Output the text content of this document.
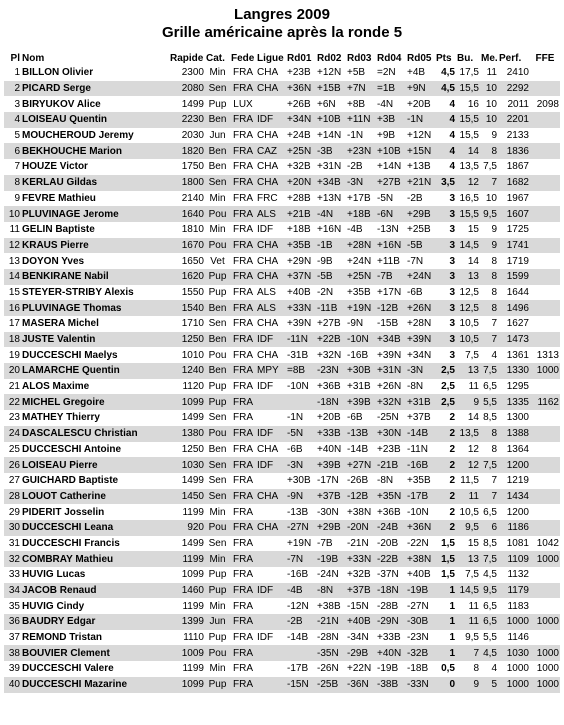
Langres 2009
Grille américaine après la ronde 5
Pl	Nom	Rapide	Cat.	Fede	Ligue	Rd01	Rd02	Rd03	Rd04	Rd05	Pts	Bu.	Me.	Perf.	FFE
1	BILLON Olivier	2300	Min	FRA	CHA	+23B	+12N	+5B	=2N	+4B	4,5	17,5	11	2410	
2	PICARD Serge	2080	Sen	FRA	CHA	+36N	+15B	+7N	=1B	+9N	4,5	15,5	10	2292	
3	BIRYUKOV Alice	1499	Pup	LUX		+26B	+6N	+8B	-4N	+20B	4	16	10	2011	2098
4	LOISEAU Quentin	2230	Ben	FRA	IDF	+34N	+10B	+11N	+3B	-1N	4	15,5	10	2201	
5	MOUCHEROUD Jeremy	2030	Jun	FRA	CHA	+24B	+14N	-1N	+9B	+12N	4	15,5	9	2133	
6	BEKHOUCHE Marion	1820	Ben	FRA	CAZ	+25N	-3B	+23N	+10B	+15N	4	14	8	1836	
7	HOUZE Victor	1750	Ben	FRA	CHA	+32B	+31N	-2B	+14N	+13B	4	13,5	7,5	1867	
8	KERLAU Gildas	1800	Sen	FRA	CHA	+20N	+34B	-3N	+27B	+21N	3,5	12	7	1682	
9	FEVRE Mathieu	2140	Min	FRA	FRC	+28B	+13N	+17B	-5N	-2B	3	16,5	10	1967	
10	PLUVINAGE Jerome	1640	Pou	FRA	ALS	+21B	-4N	+18B	-6N	+29B	3	15,5	9,5	1607	
11	GELIN Baptiste	1810	Min	FRA	IDF	+18B	+16N	-4B	-13N	+25B	3	15	9	1725	
12	KRAUS Pierre	1670	Pou	FRA	CHA	+35B	-1B	+28N	+16N	-5B	3	14,5	9	1741	
13	DOYON Yves	1650	Vet	FRA	CHA	+29N	-9B	+24N	+11B	-7N	3	14	8	1719	
14	BENKIRANE Nabil	1620	Pup	FRA	CHA	+37N	-5B	+25N	-7B	+24N	3	13	8	1599	
15	STEYER-STRIBY Alexis	1550	Pup	FRA	ALS	+40B	-2N	+35B	+17N	-6B	3	12,5	8	1644	
16	PLUVINAGE Thomas	1540	Ben	FRA	ALS	+33N	-11B	+19N	-12B	+26N	3	12,5	8	1496	
17	MASERA Michel	1710	Sen	FRA	CHA	+39N	+27B	-9N	-15B	+28N	3	10,5	7	1627	
18	JUSTE Valentin	1250	Ben	FRA	IDF	-11N	+22B	-10N	+34B	+39N	3	10,5	7	1473	
19	DUCCESCHI Maelys	1010	Pou	FRA	CHA	-31B	+32N	-16B	+39N	+34N	3	7,5	4	1361	1313
20	LAMARCHE Quentin	1240	Ben	FRA	MPY	=8B	-23N	+30B	+31N	-3N	2,5	13	7,5	1330	1000
21	ALOS Maxime	1120	Pup	FRA	IDF	-10N	+36B	+31B	+26N	-8N	2,5	11	6,5	1295	
22	MICHEL Gregoire	1099	Pup	FRA			-18N	+39B	+32N	+31B	2,5	9	5,5	1335	1162
23	MATHEY Thierry	1499	Sen	FRA		-1N	+20B	-6B	-25N	+37B	2	14	8,5	1300	
24	DASCALESCU Christian	1380	Pou	FRA	IDF	-5N	+33B	-13B	+30N	-14B	2	13,5	8	1388	
25	DUCCESCHI Antoine	1250	Ben	FRA	CHA	-6B	+40N	-14B	+23B	-11N	2	12	8	1364	
26	LOISEAU Pierre	1030	Sen	FRA	IDF	-3N	+39B	+27N	-21B	-16B	2	12	7,5	1200	
27	GUICHARD Baptiste	1499	Sen	FRA		+30B	-17N	-26B	-8N	+35B	2	11,5	7	1219	
28	LOUOT Catherine	1450	Sen	FRA	CHA	-9N	+37B	-12B	+35N	-17B	2	11	7	1434	
29	PIDERIT Josselin	1199	Min	FRA		-13B	-30N	+38N	+36B	-10N	2	10,5	6,5	1200	
30	DUCCESCHI Leana	920	Pou	FRA	CHA	-27N	+29B	-20N	-24B	+36N	2	9,5	6	1186	
31	DUCCESCHI Francis	1499	Sen	FRA		+19N	-7B	-21N	-20B	-22N	1,5	15	8,5	1081	1042
32	COMBRAY Mathieu	1199	Min	FRA		-7N	-19B	+33N	-22B	+38N	1,5	13	7,5	1109	1000
33	HUVIG Lucas	1099	Pup	FRA		-16B	-24N	+32B	-37N	+40B	1,5	7,5	4,5	1132	
34	JACOB Renaud	1460	Pup	FRA	IDF	-4B	-8N	+37B	-18N	-19B	1	14,5	9,5	1179	
35	HUVIG Cindy	1199	Min	FRA		-12N	+38B	-15N	-28B	-27N	1	11	6,5	1183	
36	BAUDRY Edgar	1399	Jun	FRA		-2B	-21N	+40B	-29N	-30B	1	11	6,5	1000	1000
37	REMOND Tristan	1110	Pup	FRA	IDF	-14B	-28N	-34N	+33B	-23N	1	9,5	5,5	1146	
38	BOUVIER Clement	1009	Pou	FRA			-35N	-29B	+40N	-32B	1	7	4,5	1030	1000
39	DUCCESCHI Valere	1199	Min	FRA		-17B	-26N	+22N	-19B	-18B	0,5	8	4	1000	1000
40	DUCCESCHI Mazarine	1099	Pup	FRA		-15N	-25B	-36N	-38B	-33N	0	9	5	1000	1000
